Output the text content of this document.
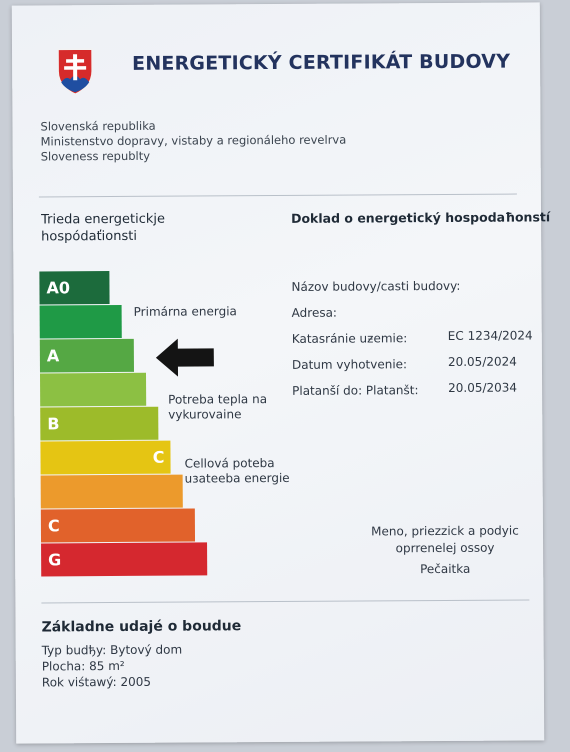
ENERGETICKÝ CERTIFIKÁT BUDOVY
Slovenská republika
Ministenstvo dopravy, vistaby a regionáleho revelrva
Sloveness republty
Trieda energetickje
hospódaťionsti
Doklad o energetický hospodaħonstí
A0
A
B
C
C
G
Primárna energia
Potreba tepla na
vykurovaine
Cellová poteba
uзateeba energie
Názov budovy/casti budovy:
Adresa:
Katasránie uƶemie:	EC 1234/2024
Datum vyhotvenie:	20.05/2024
Platanší do: Platanšt: 20.05/2034
Meno, priezzick a podyic
oprrenelej ossoy
Pečaitka
Základne udajé o boudue
Typ budђy: Bytový dom
Plocha: 85 m²
Rok viśtawý: 2005
